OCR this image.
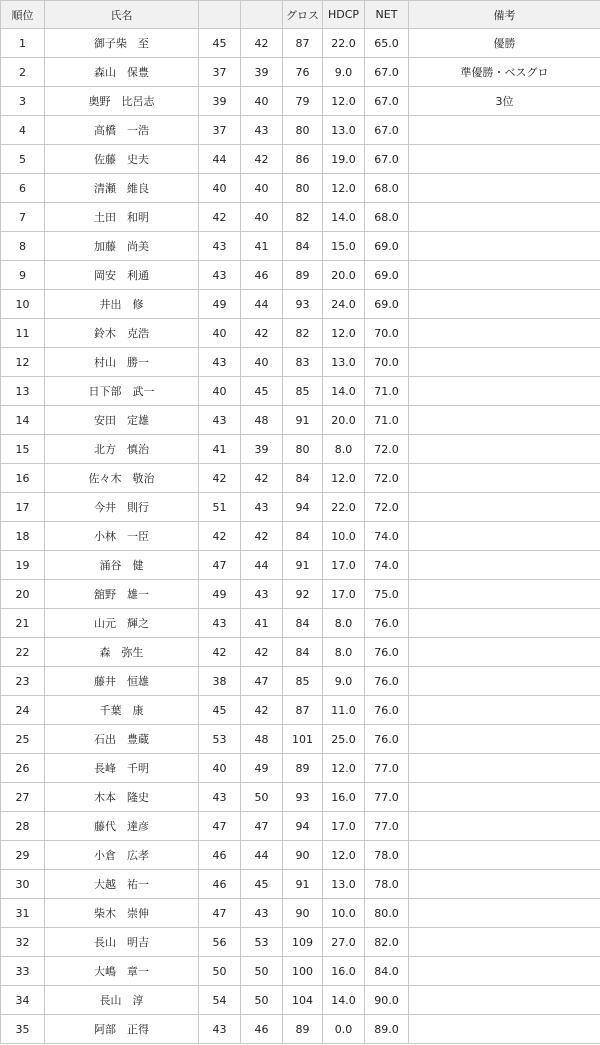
順位	氏名			グロス	HDCP	NET	備考
1	御子柴　至	45	42	87	22.0	65.0	優勝
2	森山　保豊	37	39	76	9.0	67.0	準優勝・ベスグロ
3	奥野　比呂志	39	40	79	12.0	67.0	3位
4	高橋　一浩	37	43	80	13.0	67.0	
5	佐藤　史夫	44	42	86	19.0	67.0	
6	清瀬　維良	40	40	80	12.0	68.0	
7	土田　和明	42	40	82	14.0	68.0	
8	加藤　尚美	43	41	84	15.0	69.0	
9	岡安　利通	43	46	89	20.0	69.0	
10	井出　修	49	44	93	24.0	69.0	
11	鈴木　克浩	40	42	82	12.0	70.0	
12	村山　勝一	43	40	83	13.0	70.0	
13	日下部　武一	40	45	85	14.0	71.0	
14	安田　定雄	43	48	91	20.0	71.0	
15	北方　慎治	41	39	80	8.0	72.0	
16	佐々木　敬治	42	42	84	12.0	72.0	
17	今井　則行	51	43	94	22.0	72.0	
18	小林　一臣	42	42	84	10.0	74.0	
19	涌谷　健	47	44	91	17.0	74.0	
20	舘野　雄一	49	43	92	17.0	75.0	
21	山元　輝之	43	41	84	8.0	76.0	
22	森　弥生	42	42	84	8.0	76.0	
23	藤井　恒雄	38	47	85	9.0	76.0	
24	千葉　康	45	42	87	11.0	76.0	
25	石出　豊蔵	53	48	101	25.0	76.0	
26	長峰　千明	40	49	89	12.0	77.0	
27	木本　隆史	43	50	93	16.0	77.0	
28	藤代　達彦	47	47	94	17.0	77.0	
29	小倉　広孝	46	44	90	12.0	78.0	
30	大越　祐一	46	45	91	13.0	78.0	
31	柴木　崇伸	47	43	90	10.0	80.0	
32	長山　明吉	56	53	109	27.0	82.0	
33	大嶋　章一	50	50	100	16.0	84.0	
34	長山　淳	54	50	104	14.0	90.0	
35	阿部　正得	43	46	89	0.0	89.0	
